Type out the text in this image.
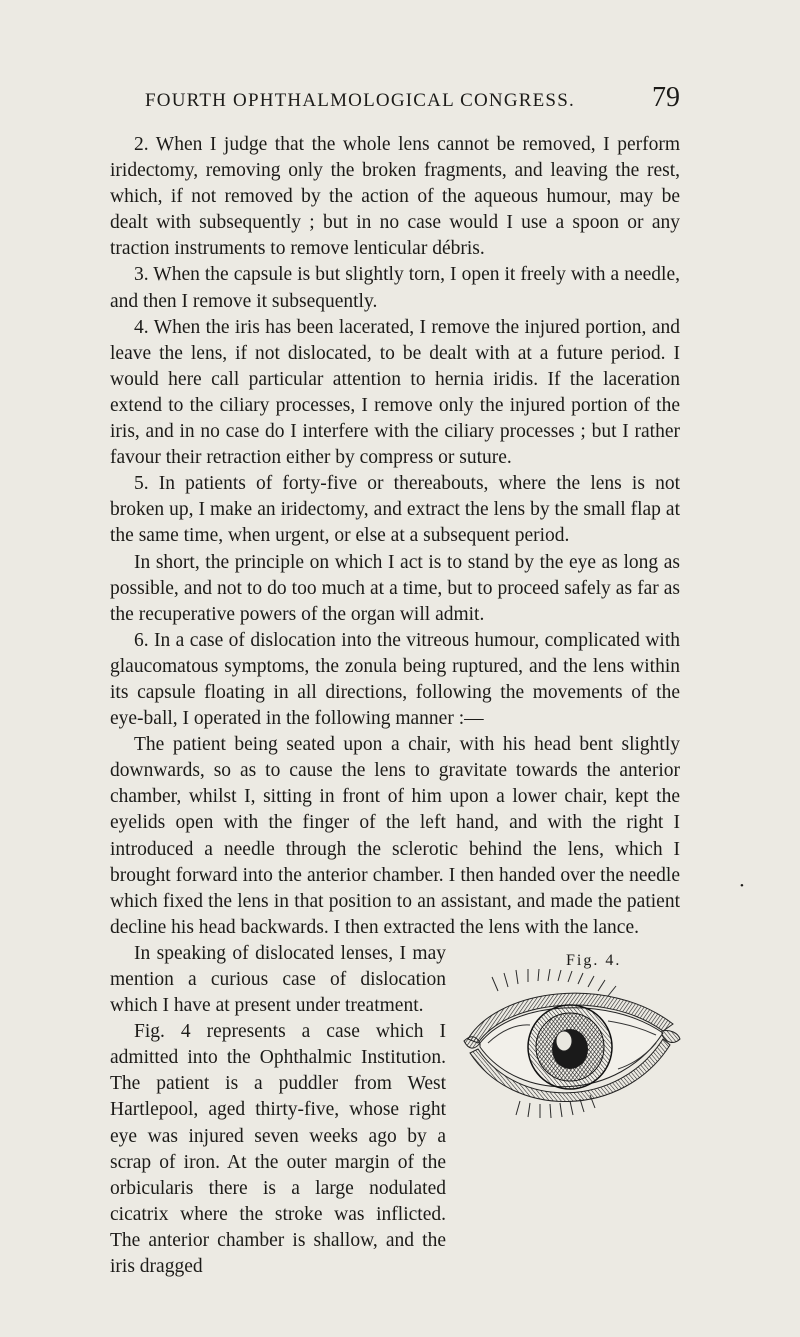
FOURTH OPHTHALMOLOGICAL CONGRESS.	79

2. When I judge that the whole lens cannot be removed, I perform iridectomy, removing only the broken fragments, and leaving the rest, which, if not removed by the action of the aqueous humour, may be dealt with subsequently ; but in no case would I use a spoon or any traction instruments to remove lenticular débris.

3. When the capsule is but slightly torn, I open it freely with a needle, and then I remove it subsequently.

4. When the iris has been lacerated, I remove the injured portion, and leave the lens, if not dislocated, to be dealt with at a future period. I would here call particular attention to hernia iridis. If the laceration extend to the ciliary processes, I remove only the injured portion of the iris, and in no case do I interfere with the ciliary processes ; but I rather favour their retraction either by compress or suture.

5. In patients of forty-five or thereabouts, where the lens is not broken up, I make an iridectomy, and extract the lens by the small flap at the same time, when urgent, or else at a subsequent period.

In short, the principle on which I act is to stand by the eye as long as possible, and not to do too much at a time, but to proceed safely as far as the recuperative powers of the organ will admit.

6. In a case of dislocation into the vitreous humour, complicated with glaucomatous symptoms, the zonula being ruptured, and the lens within its capsule floating in all directions, following the movements of the eye-ball, I operated in the following manner :—

The patient being seated upon a chair, with his head bent slightly downwards, so as to cause the lens to gravitate towards the anterior chamber, whilst I, sitting in front of him upon a lower chair, kept the eyelids open with the finger of the left hand, and with the right I introduced a needle through the sclerotic behind the lens, which I brought forward into the anterior chamber. I then handed over the needle which fixed the lens in that position to an assistant, and made the patient decline his head backwards. I then extracted the lens with the lance.

Fig. 4.

In speaking of dislocated lenses, I may mention a curious case of dislocation which I have at present under treatment.

Fig. 4 represents a case which I admitted into the Ophthalmic Institution. The patient is a puddler from West Hartlepool, aged thirty-five, whose right eye was injured seven weeks ago by a scrap of iron. At the outer margin of the orbicularis there is a large nodulated cicatrix where the stroke was inflicted. The anterior chamber is shallow, and the iris dragged

•
